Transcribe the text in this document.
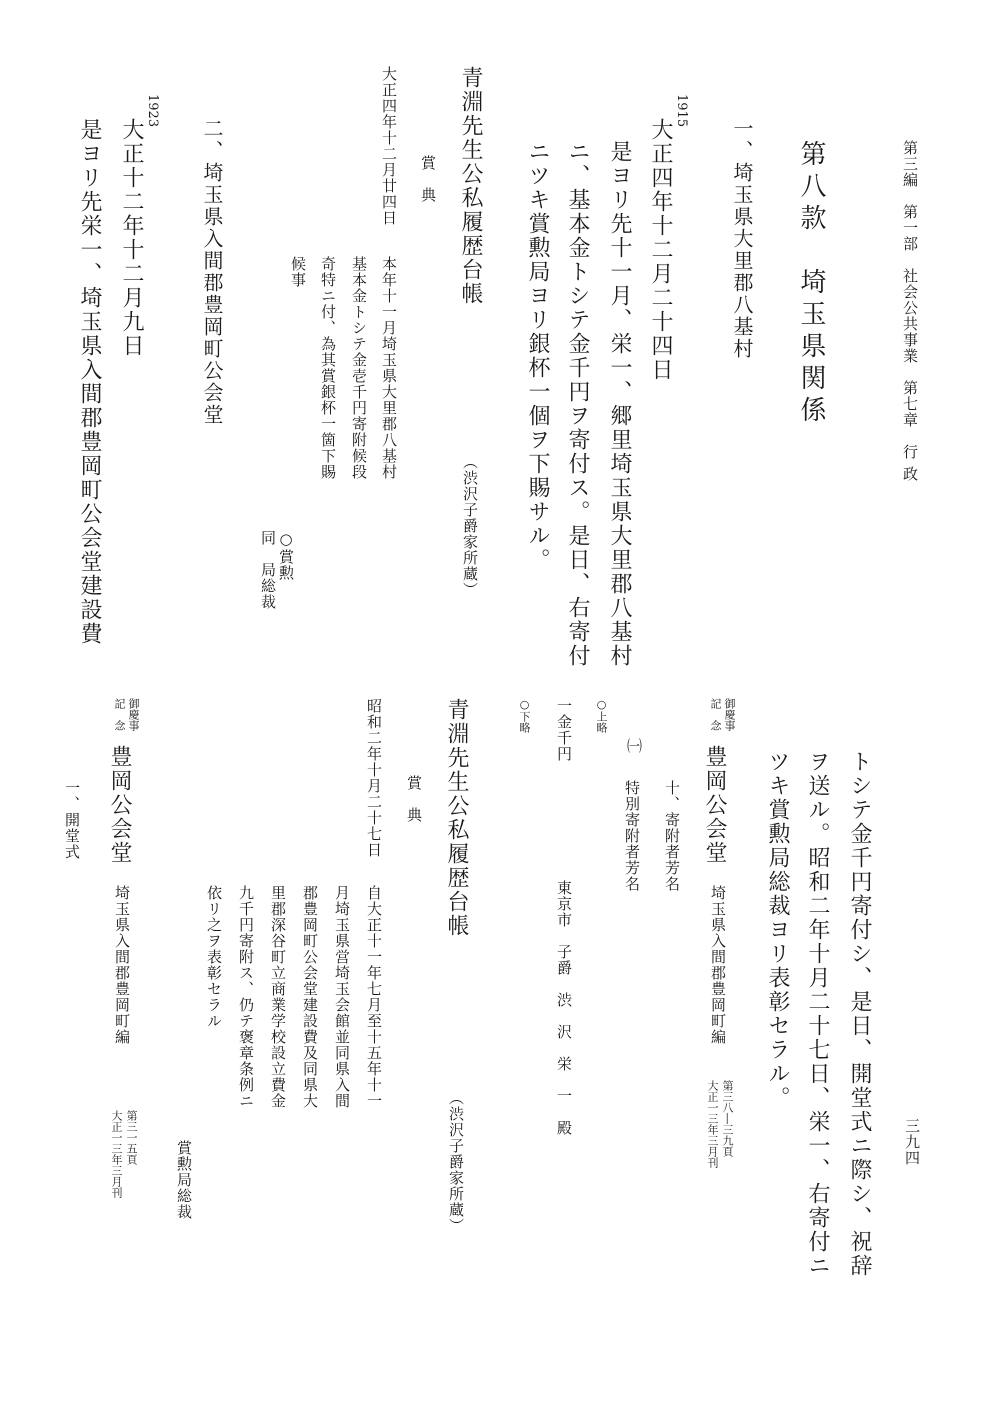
第三編　第一部　社会公共事業　第七章　行 政
三九四
第八款　埼玉県関係
一、埼玉県大里郡八基村
1915
大正四年十二月二十四日
是ヨリ先十一月、栄一、郷里埼玉県大里郡八基村
ニ、基本金トシテ金千円ヲ寄付ス。是日、右寄付
ニツキ賞勲局ヨリ銀杯一個ヲ下賜サル。
青淵先生公私履歴台帳
（渋沢子爵家所蔵）
賞　典
大正四年十二月廿四日
本年十一月埼玉県大里郡八基村
基本金トシテ金壱千円寄附候段
奇特ニ付、為其賞銀杯一箇下賜
候事
○賞勲
同　局総裁
二、埼玉県入間郡豊岡町公会堂
1923
大正十二年十二月九日
是ヨリ先栄一、埼玉県入間郡豊岡町公会堂建設費
トシテ金千円寄付シ、是日、開堂式ニ際シ、祝辞
ヲ送ル。昭和二年十月二十七日、栄一、右寄付ニ
ツキ賞勲局総裁ヨリ表彰セラル。
御慶事
記　念
豊岡公会堂
埼玉県入間郡豊岡町編
第三八―三九頁
大正一三年三月刊
十、寄附者芳名
㈠
特別寄附者芳名
○上略
一金千円
東京市　子爵　渋　沢　栄　一　殿
○下略
青淵先生公私履歴台帳
（渋沢子爵家所蔵）
賞　典
昭和二年十月二十七日
自大正十一年七月至十五年十一
月埼玉県営埼玉会館並同県入間
郡豊岡町公会堂建設費及同県大
里郡深谷町立商業学校設立費金
九千円寄附ス、仍テ褒章条例ニ
依リ之ヲ表彰セラル
賞勲局総裁
御慶事
記　念
豊岡公会堂
埼玉県入間郡豊岡町編
第三一五頁
大正一三年三月刊
一、開堂式
